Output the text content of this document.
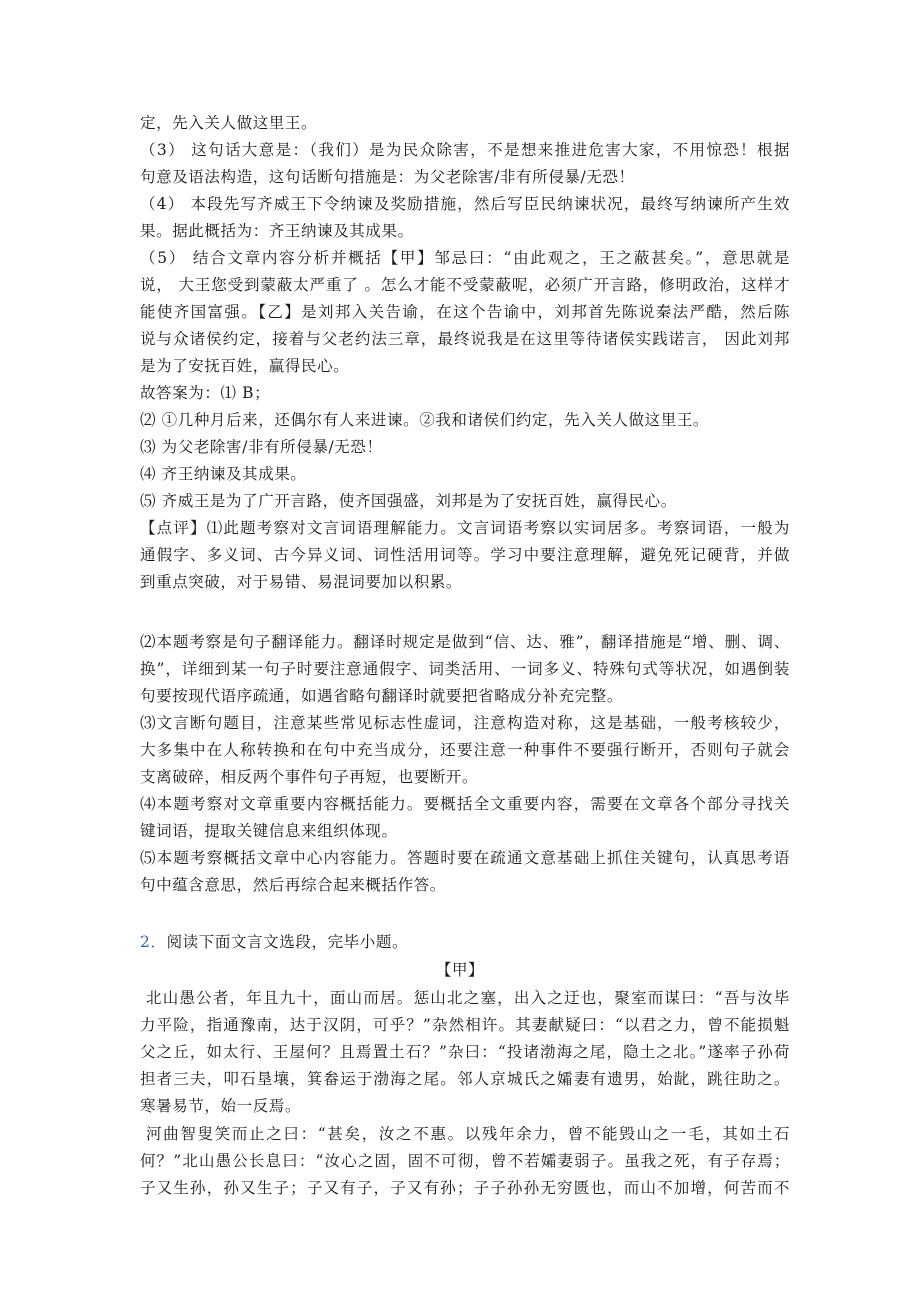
定，先入关人做这里王。
（3） 这句话大意是：（我们）是为民众除害，不是想来推进危害大家，不用惊恐！根据
句意及语法构造，这句话断句措施是：为父老除害/非有所侵暴/无恐！
（4） 本段先写齐威王下令纳谏及奖励措施，然后写臣民纳谏状况，最终写纳谏所产生效
果。据此概括为：齐王纳谏及其成果。
（5） 结合文章内容分析并概括【甲】邹忌曰：“由此观之，王之蔽甚矣。”，意思就是
说， 大王您受到蒙蔽太严重了 。怎么才能不受蒙蔽呢，必须广开言路，修明政治，这样才
能使齐国富强。【乙】是刘邦入关告谕，在这个告谕中，刘邦首先陈说秦法严酷，然后陈
说与众诸侯约定，接着与父老约法三章，最终说我是在这里等待诸侯实践诺言， 因此刘邦
是为了安抚百姓，赢得民心。
故答案为：⑴ B；
⑵ ①几种月后来，还偶尔有人来进谏。②我和诸侯们约定，先入关人做这里王。
⑶ 为父老除害/非有所侵暴/无恐！
⑷ 齐王纳谏及其成果。
⑸ 齐威王是为了广开言路，使齐国强盛，刘邦是为了安抚百姓，赢得民心。
【点评】⑴此题考察对文言词语理解能力。文言词语考察以实词居多。考察词语，一般为
通假字、多义词、古今异义词、词性活用词等。学习中要注意理解，避免死记硬背，并做
到重点突破，对于易错、易混词要加以积累。
⑵本题考察是句子翻译能力。翻译时规定是做到“信、达、雅”，翻译措施是“增、删、调、
换”，详细到某一句子时要注意通假字、词类活用、一词多义、特殊句式等状况，如遇倒装
句要按现代语序疏通，如遇省略句翻译时就要把省略成分补充完整。
⑶文言断句题目，注意某些常见标志性虚词，注意构造对称，这是基础，一般考核较少，
大多集中在人称转换和在句中充当成分，还要注意一种事件不要强行断开，否则句子就会
支离破碎，相反两个事件句子再短，也要断开。
⑷本题考察对文章重要内容概括能力。要概括全文重要内容，需要在文章各个部分寻找关
键词语，提取关键信息来组织体现。
⑸本题考察概括文章中心内容能力。答题时要在疏通文意基础上抓住关键句，认真思考语
句中蕴含意思，然后再综合起来概括作答。
2．阅读下面文言文选段，完毕小题。
【甲】
北山愚公者，年且九十，面山而居。惩山北之塞，出入之迂也，聚室而谋曰：“吾与汝毕
力平险，指通豫南，达于汉阴，可乎？”杂然相许。其妻献疑曰：“以君之力，曾不能损魁
父之丘，如太行、王屋何？且焉置土石？”杂曰：“投诸渤海之尾，隐土之北。”遂率子孙荷
担者三夫，叩石垦壤，箕畚运于渤海之尾。邻人京城氏之孀妻有遗男，始龀，跳往助之。
寒暑易节，始一反焉。
河曲智叟笑而止之曰：“甚矣，汝之不惠。以残年余力，曾不能毁山之一毛，其如土石
何？”北山愚公长息曰：“汝心之固，固不可彻，曾不若孀妻弱子。虽我之死，有子存焉；
子又生孙，孙又生子；子又有子，子又有孙；子子孙孙无穷匮也，而山不加增，何苦而不
